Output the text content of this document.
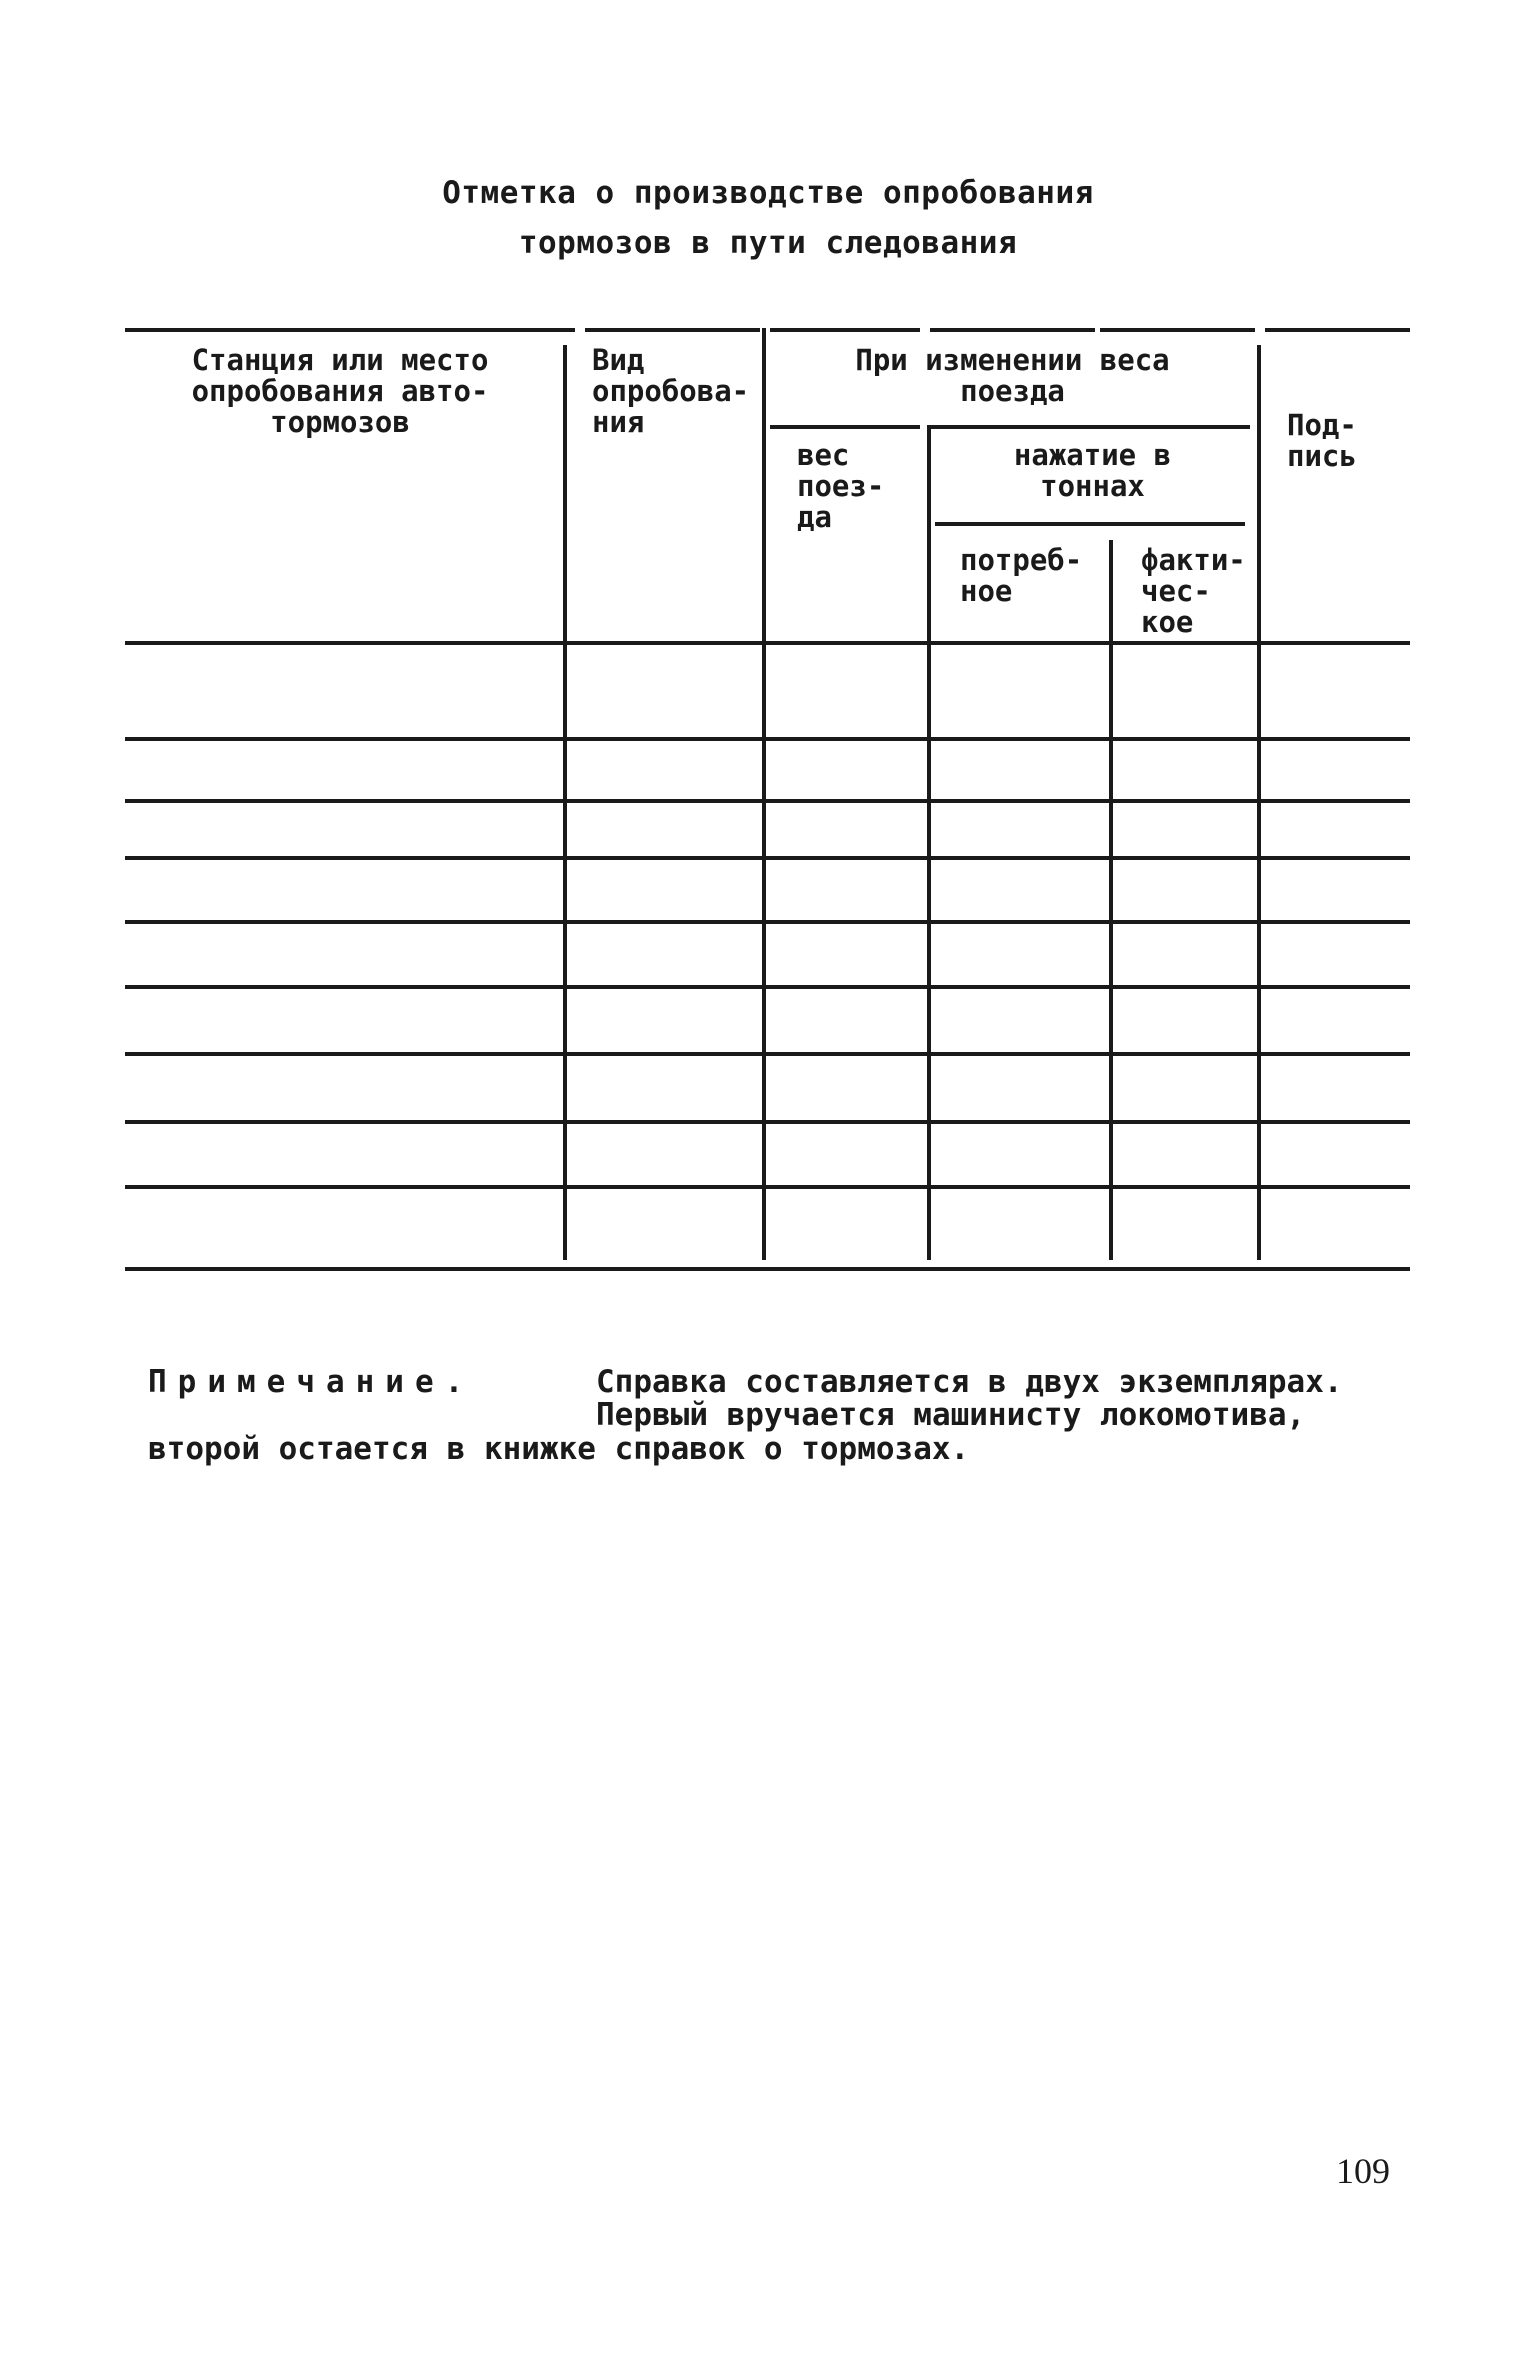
Отметка о производстве опробования
тормозов в пути следования
Станция или место
опробования авто-
тормозов
Вид
опробова-
ния
При изменении веса
поезда
вес
поез-
да
нажатие в
тоннах
потреб-
ное
факти-
чес-
кое
Под-
пись
Примечание.	Справка составляется в двух экземплярах.
Первый вручается машинисту локомотива,
второй остается в книжке справок о тормозах.
109
